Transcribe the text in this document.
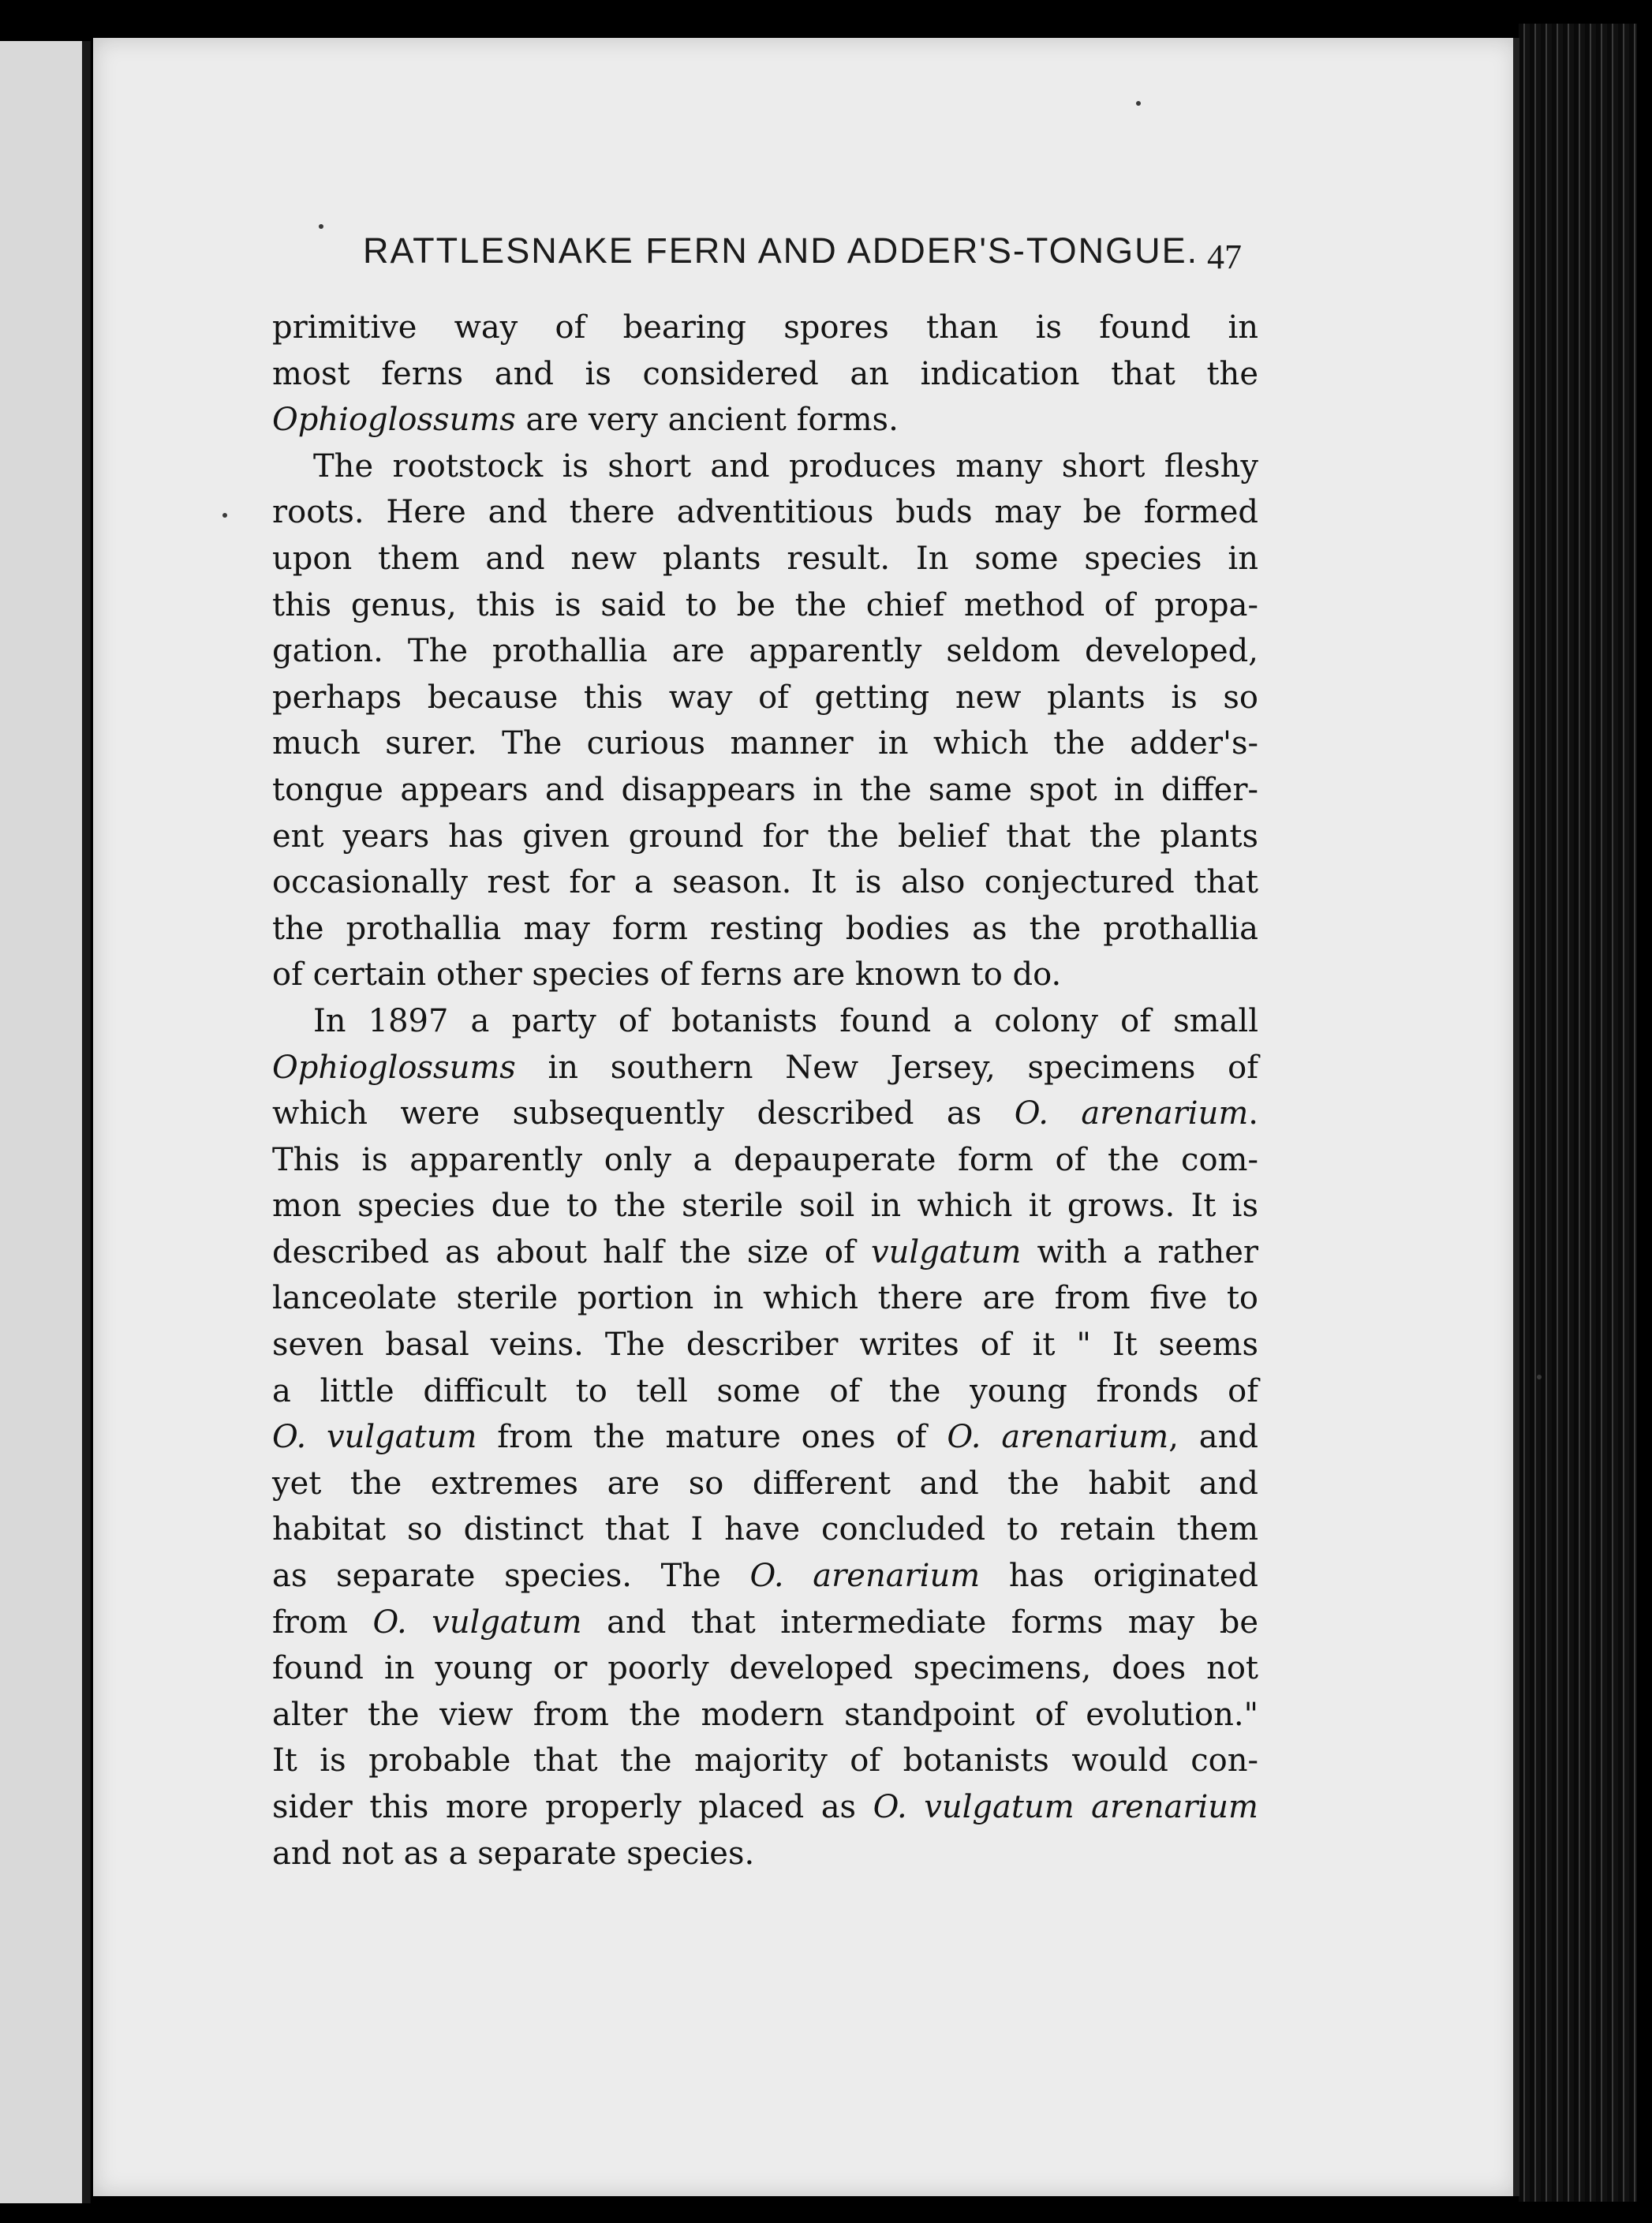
RATTLESNAKE FERN AND ADDER'S-TONGUE. 47
primitive way of bearing spores than is found in
most ferns and is considered an indication that the
Ophioglossums are very ancient forms.
The rootstock is short and produces many short fleshy
roots. Here and there adventitious buds may be formed
upon them and new plants result. In some species in
this genus, this is said to be the chief method of propa-
gation. The prothallia are apparently seldom developed,
perhaps because this way of getting new plants is so
much surer. The curious manner in which the adder's-
tongue appears and disappears in the same spot in differ-
ent years has given ground for the belief that the plants
occasionally rest for a season. It is also conjectured that
the prothallia may form resting bodies as the prothallia
of certain other species of ferns are known to do.
In 1897 a party of botanists found a colony of small
Ophioglossums in southern New Jersey, specimens of
which were subsequently described as O. arenarium.
This is apparently only a depauperate form of the com-
mon species due to the sterile soil in which it grows. It is
described as about half the size of vulgatum with a rather
lanceolate sterile portion in which there are from five to
seven basal veins. The describer writes of it " It seems
a little difficult to tell some of the young fronds of
O. vulgatum from the mature ones of O. arenarium, and
yet the extremes are so different and the habit and
habitat so distinct that I have concluded to retain them
as separate species. The O. arenarium has originated
from O. vulgatum and that intermediate forms may be
found in young or poorly developed specimens, does not
alter the view from the modern standpoint of evolution."
It is probable that the majority of botanists would con-
sider this more properly placed as O. vulgatum arenarium
and not as a separate species.
